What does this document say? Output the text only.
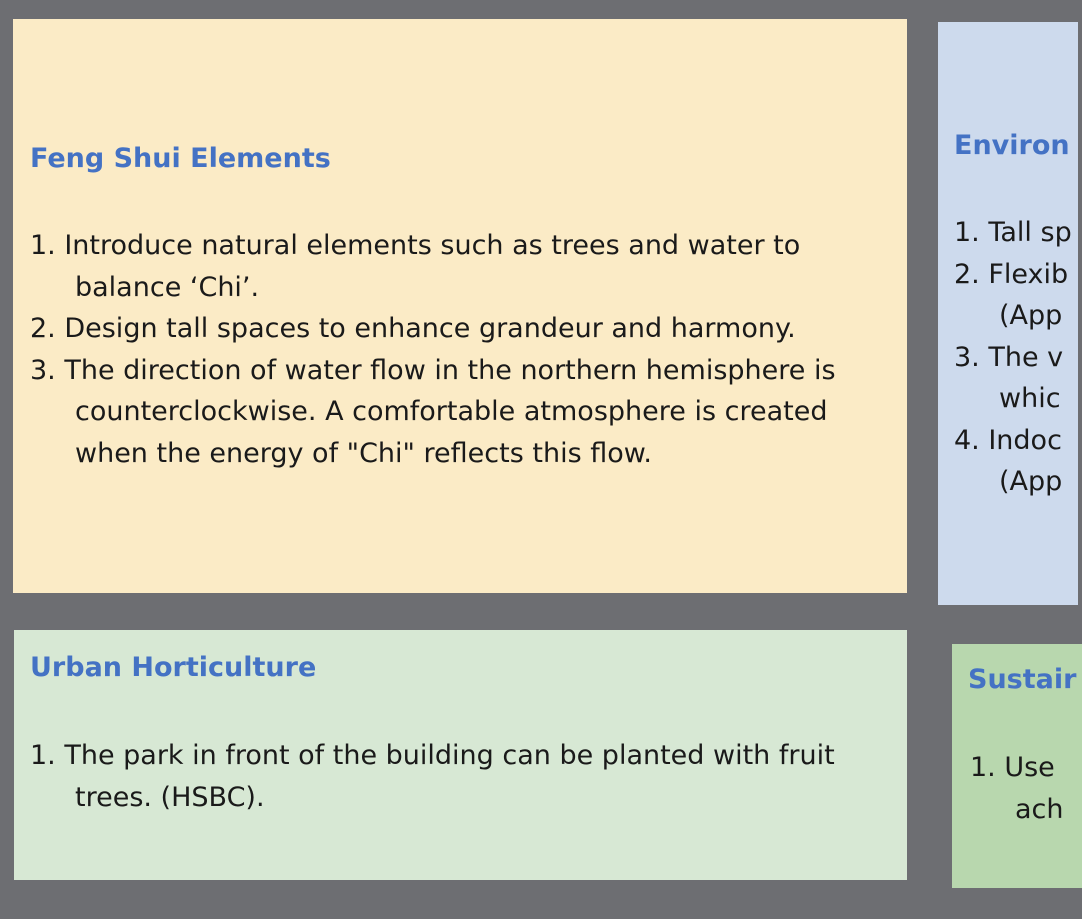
Feng Shui Elements
1. Introduce natural elements such as trees and water to
balance ‘Chi’.
2. Design tall spaces to enhance grandeur and harmony.
3. The direction of water flow in the northern hemisphere is
counterclockwise. A comfortable atmosphere is created
when the energy of "Chi" reflects this flow.
Environ
1. Tall sp
2. Flexib
(App
3. The v
whic
4. Indoc
(App
Urban Horticulture
1. The park in front of the building can be planted with fruit
trees. (HSBC).
Sustair
1. Use
ach
